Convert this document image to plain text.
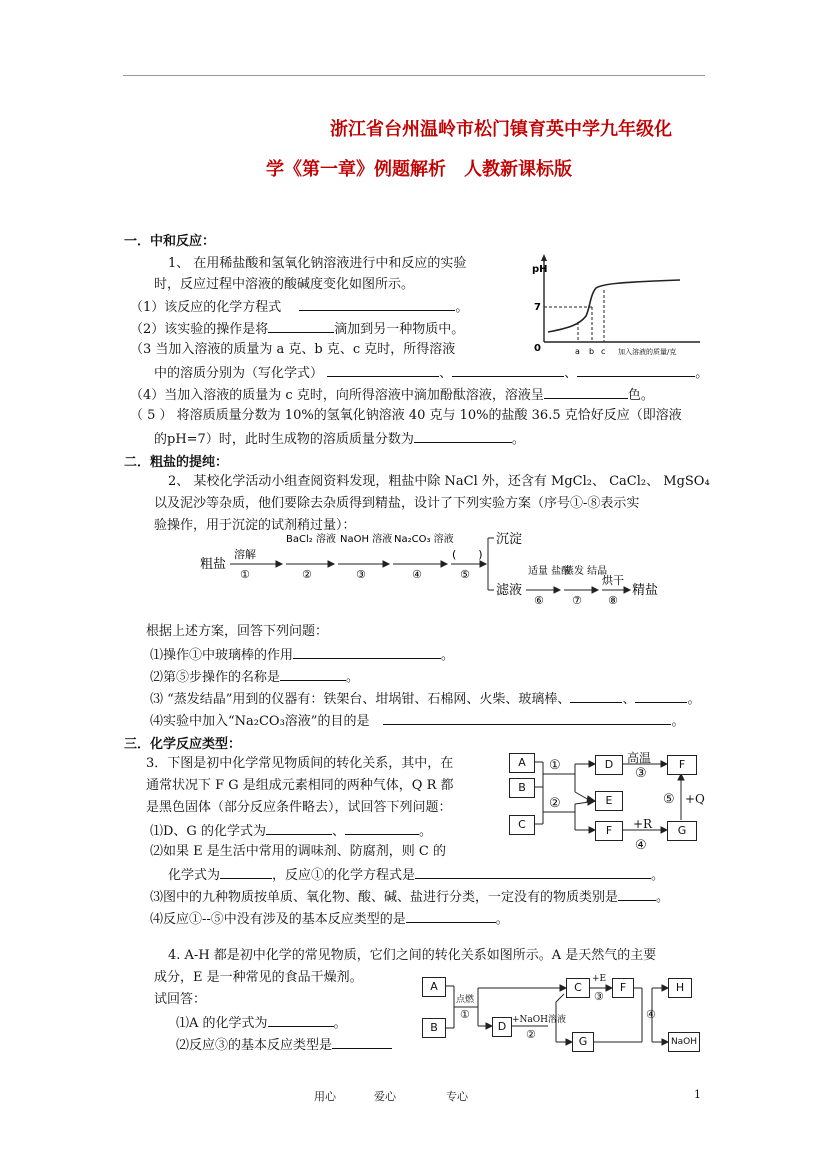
浙江省台州温岭市松门镇育英中学九年级化
学《第一章》例题解析　人教新课标版
一．中和反应：
1、 在用稀盐酸和氢氧化钠溶液进行中和反应的实验
时，反应过程中溶液的酸碱度变化如图所示。
（1）该反应的化学方程式	。
（2）该实验的操作是将	滴加到另一种物质中。
（3 当加入溶液的质量为 a 克、b 克、c 克时，所得溶液
中的溶质分别为（写化学式）	、	、	。
（4）当加入溶液的质量为 c 克时，向所得溶液中滴加酚酞溶液，溶液呈	色。
（ 5 ） 将溶质质量分数为 10%的氢氧化钠溶液 40 克与 10%的盐酸 36.5 克恰好反应（即溶液
的pH=7）时，此时生成物的溶质质量分数为	。
pH
7
0	a b c 加入溶液的质量/克
二．粗盐的提纯：
2、 某校化学活动小组查阅资料发现，粗盐中除 NaCl 外，还含有 MgCl₂、 CaCl₂、 MgSO₄
以及泥沙等杂质，他们要除去杂质得到精盐，设计了下列实验方案（序号①-⑧表示实
验操作，用于沉淀的试剂稍过量）：
粗盐
溶解
①
BaCl₂ 溶液
②
NaOH 溶液
③
Na₂CO₃ 溶液
④
(　　)
⑤
沉淀
滤液
适量 盐酸
⑥
蒸发 结晶
⑦
烘干
⑧
精盐
根据上述方案，回答下列问题：
⑴操作①中玻璃棒的作用	。
⑵第⑤步操作的名称是	。
⑶ “蒸发结晶”用到的仪器有：铁架台、坩埚钳、石棉网、火柴、玻璃棒、	、	。
⑷实验中加入“Na₂CO₃溶液”的目的是	。
三．化学反应类型：
3．下图是初中化学常见物质间的转化关系，其中，在
通常状况下 F G 是组成元素相同的两种气体，Q R 都
是黑色固体（部分反应条件略去），试回答下列问题：
⑴D、G 的化学式为	、	。
⑵如果 E 是生活中常用的调味剂、防腐剂，则 C 的
化学式为	，反应①的化学方程式是	。
⑶图中的九种物质按单质、氧化物、酸、碱、盐进行分类，一定没有的物质类别是	。
⑷反应①--⑤中没有涉及的基本反应类型的是	。
A
B
C
D
E
F
F
G
①
②
高温
③
⑤ +Q
+R
④
4. A-H 都是初中化学的常见物质，它们之间的转化关系如图所示。A 是天然气的主要
成分，E 是一种常见的食品干燥剂。
试回答：
⑴A 的化学式为	。
⑵反应③的基本反应类型是
A
B
C
D
F
G
H
NaOH
点燃
①	+NaOH溶液
②
+E
③
④
用心	爱心	专心	1
